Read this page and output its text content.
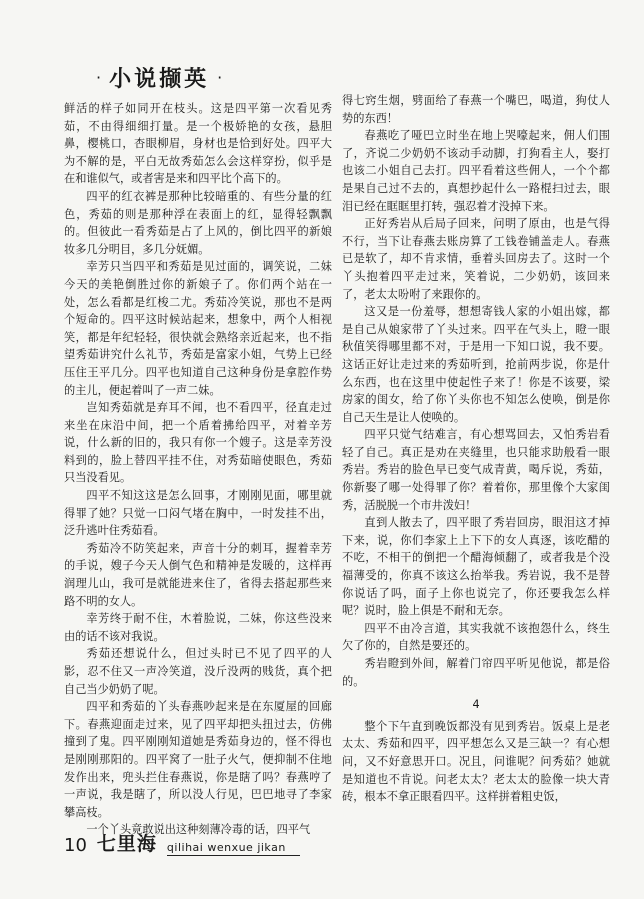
· 小说撷英 ·

鲜活的样子如同开在枝头。这是四平第一次看见秀茹，不由得细细打量。是一个极娇艳的女孩，悬胆鼻，樱桃口，杏眼柳眉，身材也是恰到好处。四平大为不解的是，平白无故秀茹怎么会这样穿扮，似乎是在和谁似气，或者害是来和四平比个高下的。

四平的红衣裤是那种比较暗重的、有些分量的红色，秀茹的则是那种浮在表面上的红，显得轻飘飘的。但彼此一看秀茹是占了上风的，倒比四平的新娘妆多几分明目，多几分妩媚。

幸芳只当四平和秀茹是见过面的，调笑说，二妹今天的美艳倒胜过你的新娘子了。你们两个站在一处，怎么看都是红梭二尤。秀茹冷笑说，那也不是两个短命的。四平这时候站起来，想象中，两个人相视笑，都是年纪轻轻，很快就会熟络亲近起来，也不指望秀茹讲究什么礼节，秀茹是富家小姐，气势上已经压住王平几分。四平也知道自己这种身份是拿腔作势的主儿，便起着叫了一声二妹。

岂知秀茹就是弃耳不闻，也不看四平，径直走过来坐在床沿中间，把一个盾着拂给四平，对着辛芳说，什么新的旧的，我只有你一个嫂子。这是幸芳没料到的，脸上替四平挂不住，对秀茹暗使眼色，秀茹只当没看见。

四平不知这这是怎么回事，才刚刚见面，哪里就得罪了她？只觉一口闷气堵在胸中，一时发挂不出，泛升逃叶住秀茹看。

秀茹冷不防笑起来，声音十分的刺耳，握着幸芳的手说，嫂子今天人倒气色和精神是发暖的，这样再润理儿山，我可是就能进来住了，省得去搭起那些来路不明的女人。

幸芳终于耐不住，木着脸说，二妹，你这些没来由的话不该对我说。

秀茹还想说什么，但过头时已不见了四平的人影，忍不住又一声冷笑道，没斤没两的贱货，真个把自己当少奶奶了呢。

四平和秀茹的丫头春燕吵起来是在东厦屋的回廊下。春燕迎面走过来，见了四平却把头扭过去，仿佛撞到了鬼。四平刚刚知道她是秀茹身边的，怪不得也是刚刚那阳的。四平窝了一肚子火气，便抑制不住地发作出来，兜头拦住春燕说，你是瞎了吗？春燕哼了一声说，我是瞎了，所以没人行见，巴巴地寻了李家攀高枝。

一个丫头竟敢说出这种刻薄冷毒的话，四平气

得七窍生烟，劈面给了春燕一个嘴巴，喝道，狗仗人势的东西！

春燕吃了哑巴立时坐在地上哭嚎起来，佣人们围了，齐说二少奶奶不该动手动脚，打狗看主人，娶打也该二小姐自己去打。四平看着这些佣人，一个个都是果自己过不去的，真想抄起什么一路棍扫过去，眼泪已经在眶眶里打转，强忍着才没掉下来。

正好秀岩从后局子回来，问明了原由，也是气得不行，当下让春燕去账房算了工钱卷铺盖走人。春燕已是软了，却不肯求情，垂着头回房去了。这时一个丫头抱着四平走过来，笑着说，二少奶奶，该回来了，老太太吩咐了来跟你的。

这又是一份羞辱，想想寄钱人家的小姐出嫁，都是自己从娘家带了丫头过来。四平在气头上，瞪一眼秋值笑得哪里都不对，于是用一下知口说，我不要。这话正好让走过来的秀茹听到，抢前两步说，你是什么东西，也在这里中使起性子来了！你是不该要，梁房家的闺女，给了你丫头你也不知怎么使唤，倒是你自己天生是让人使唤的。

四平只觉气结难言，有心想骂回去，又怕秀岩看轻了自己。真正是劝在夹缝里，也只能求助般看一眼秀岩。秀岩的脸色早已变气成青黄，喝斥说，秀茹，你新娶了哪一处得罪了你？着着你，那里像个大家闺秀，活脱脱一个市井泼妇！

直到人散去了，四平眼了秀岩回房，眼泪这才掉下来，说，你们李家上上下下的女人真逐，该吃醋的不吃，不相干的倒把一个醋海倾翻了，或者我是个没福薄受的，你真不该这么抬举我。秀岩说，我不是替你说话了吗，面子上你也说完了，你还要我怎么样呢？说时，脸上俱是不耐和无奈。

四平不由冷言道，其实我就不该抱怨什么，终生欠了你的，自然是要还的。

秀岩瞪到外间，解着门帘四平听见他说，都是俗的。

4

整个下午直到晚饭都没有见到秀岩。饭桌上是老太太、秀茹和四平，四平想怎么又是三缺一？有心想问，又不好意思开口。况且，问谁呢？问秀茹？她就是知道也不肯说。问老太太？老太太的脸像一块大青砖，根本不拿正眼看四平。这样拼着粗史饭，

10 七里海 qilihai wenxue jikan
